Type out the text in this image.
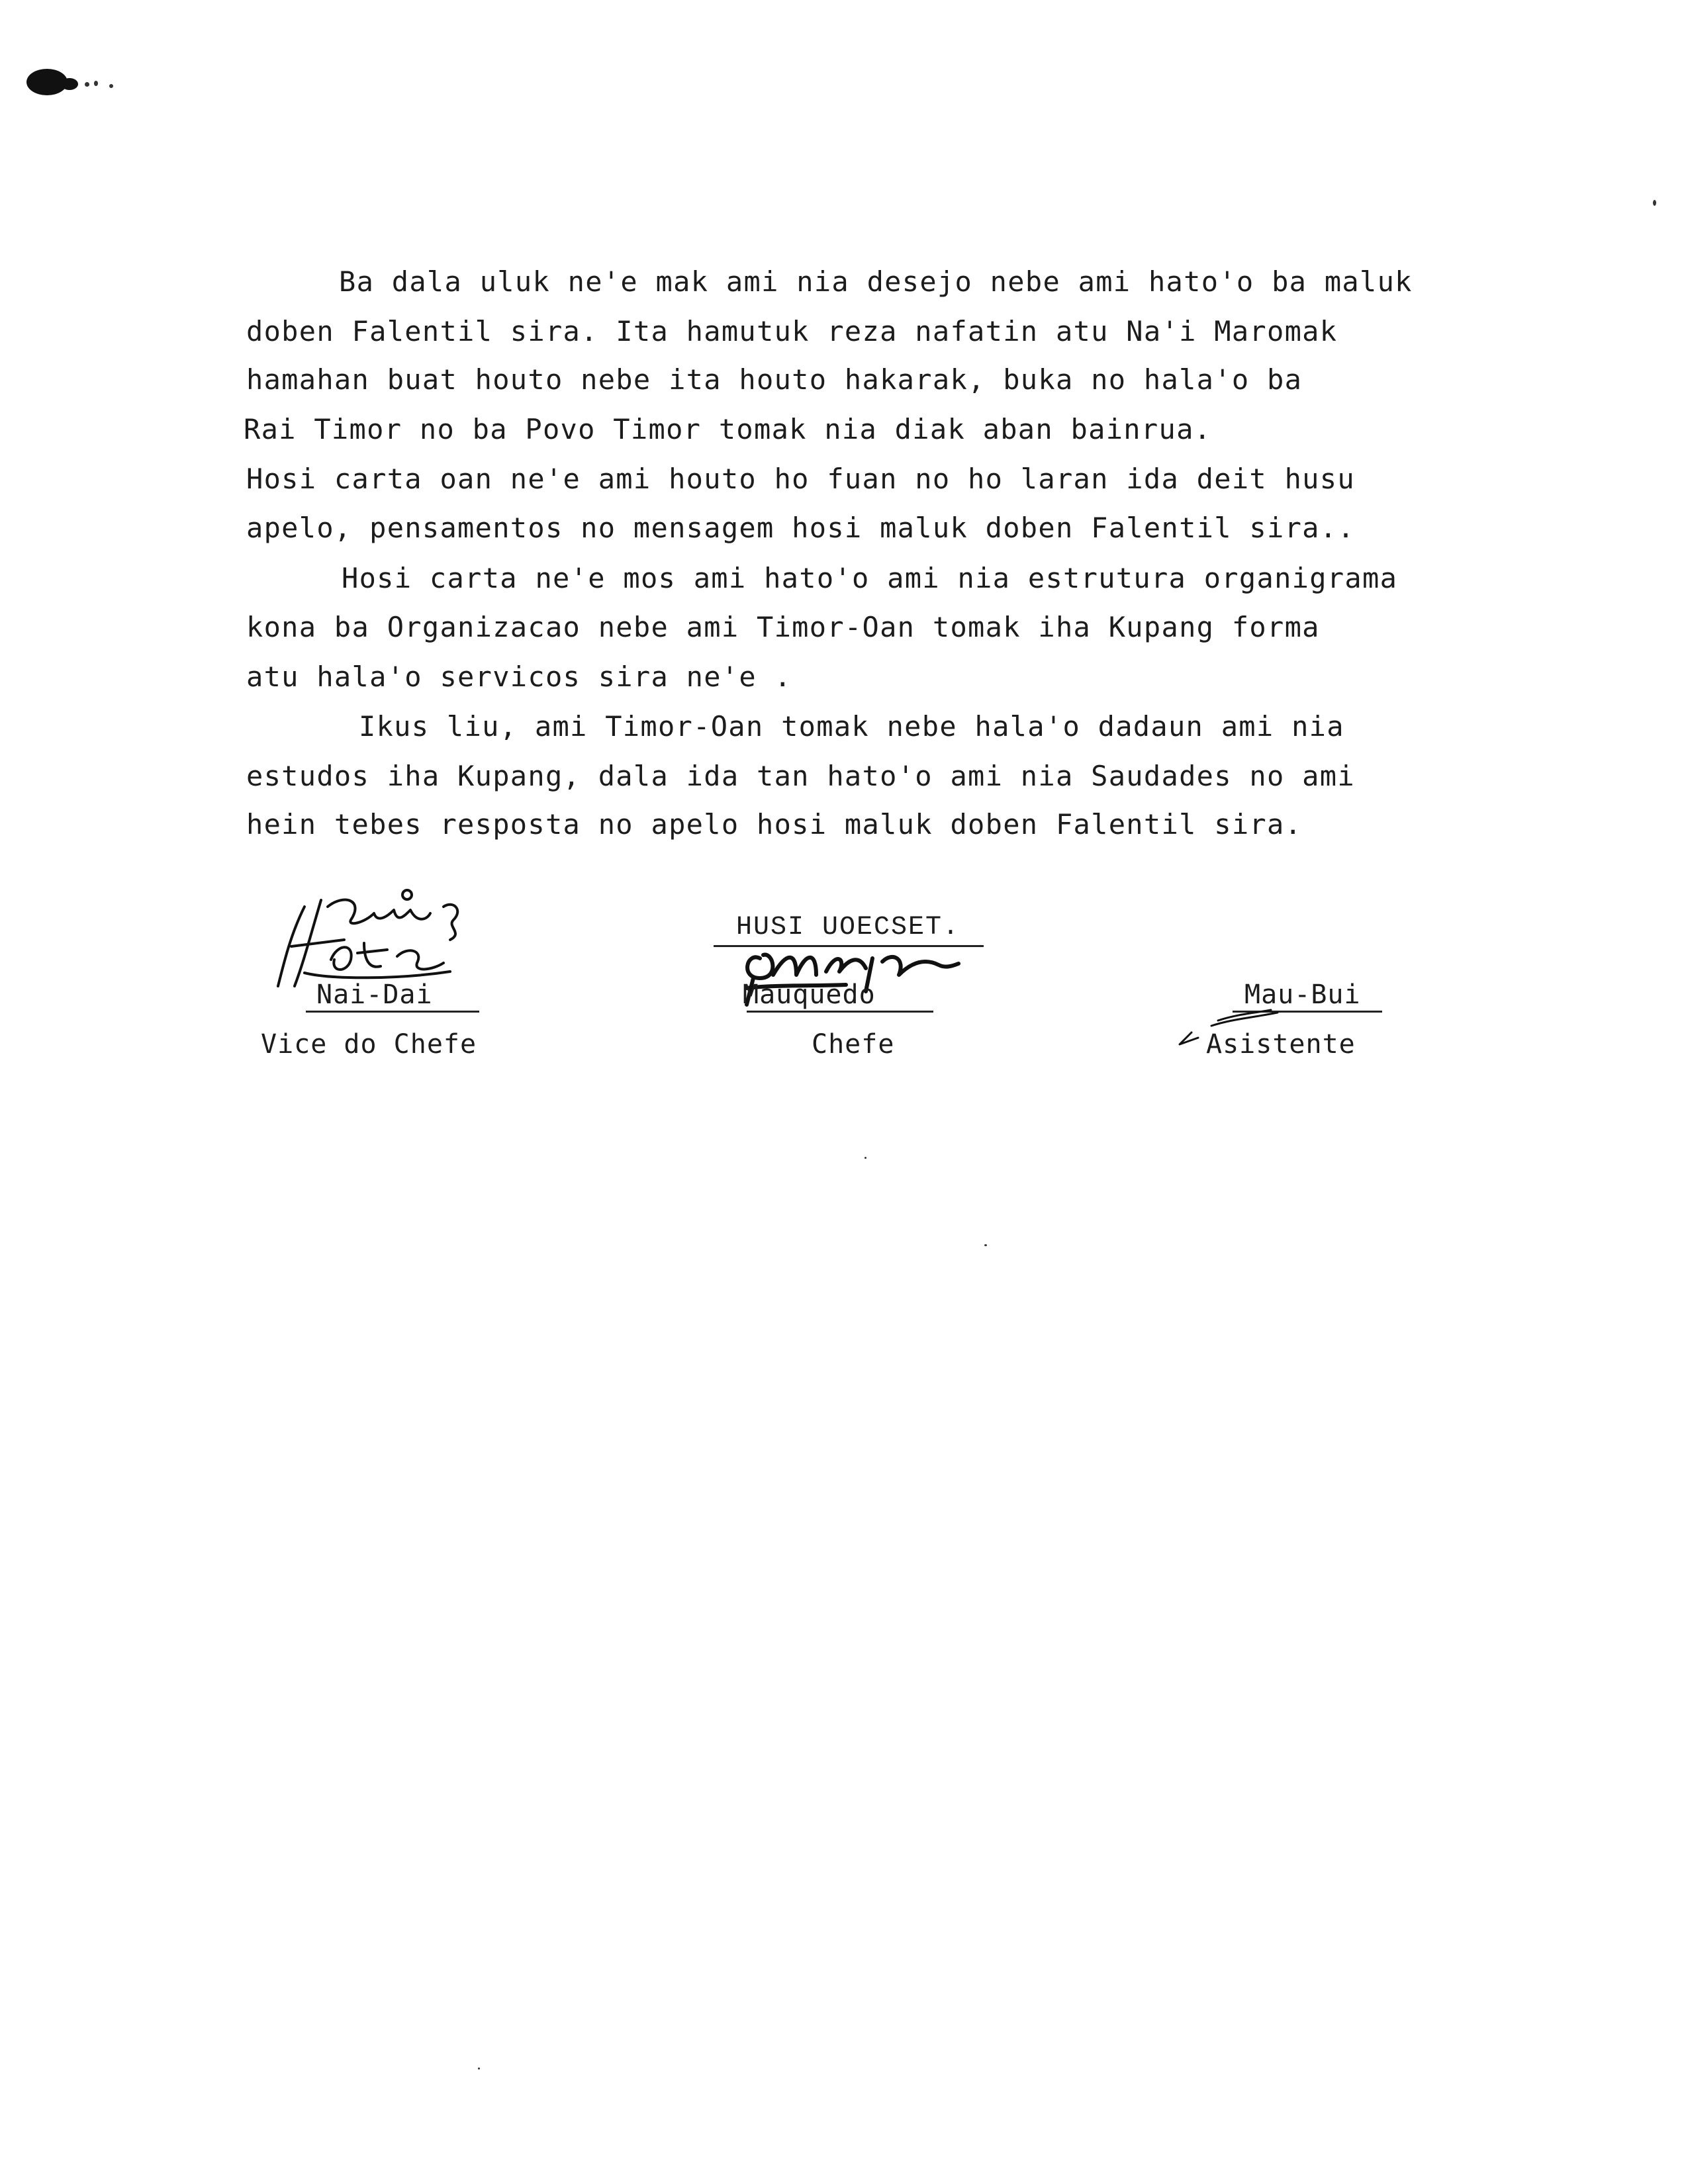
Ba dala uluk ne'e mak ami nia desejo nebe ami hato'o ba maluk
doben Falentil sira. Ita hamutuk reza nafatin atu Na'i Maromak
hamahan buat houto nebe ita houto hakarak, buka no hala'o ba
Rai Timor no ba Povo Timor tomak nia diak aban bainrua.
Hosi carta oan ne'e ami houto ho fuan no ho laran ida deit husu
apelo, pensamentos no mensagem hosi maluk doben Falentil sira..
Hosi carta ne'e mos ami hato'o ami nia estrutura organigrama
kona ba Organizacao nebe ami Timor-Oan tomak iha Kupang forma
atu hala'o servicos sira ne'e .
Ikus liu, ami Timor-Oan tomak nebe hala'o dadaun ami nia
estudos iha Kupang, dala ida tan hato'o ami nia Saudades no ami
hein tebes resposta no apelo hosi maluk doben Falentil sira.
Nai-Dai
Vice do Chefe
HUSI UOECSET.
Mauquedo
Chefe
Mau-Bui
Asistente
